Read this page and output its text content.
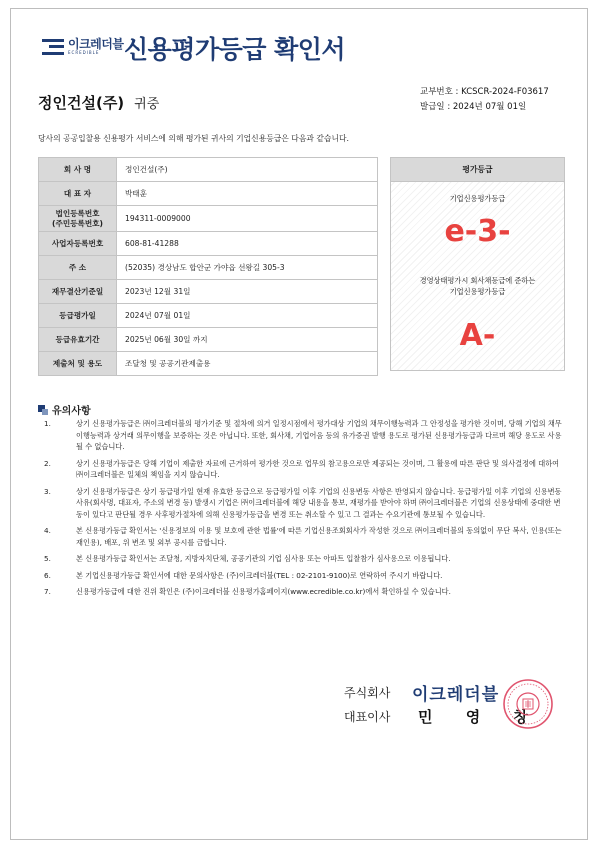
이크레더블
ECREDIBLE 신용평가등급 확인서
정인건설(주) 귀중
교부번호 : KCSCR-2024-F03617
발급일 : 2024년 07월 01일
당사의 공공입찰용 신용평가 서비스에 의해 평가된 귀사의 기업신용등급은 다음과 같습니다.
회 사 명	정인건설(주)
대 표 자	박태훈
법인등록번호
(주민등록번호)	194311-0009000
사업자등록번호	608-81-41288
주 소	(52035) 경상남도 합안군 가야읍 선왕길 305-3
재무결산기준일	2023년 12월 31일
등급평가일	2024년 07월 01일
등급유효기간	2025년 06월 30일 까지
제출처 및 용도	조달청 및 공공기관제출용
평가등급
기업신용평가등급
e-3-
경영상태평가시 회사채등급에 준하는
기업신용평가등급
A-
유의사항
1.	상기 신용평가등급은 ㈜이크레더블의 평가기준 및 절차에 의거 일정시점에서 평가대상 기업의 채무이행능력과 그 안정성을 평가한 것이며, 당해 기업의 채무이행능력과 상거래 의무이행을 보증하는 것은 아닙니다. 또한, 회사채, 기업어음 등의 유가증권 발행 용도로 평가된 신용평가등급과 다르며 해당 용도로 사용될 수 없습니다.
2.	상기 신용평가등급은 당해 기업이 제출한 자료에 근거하여 평가한 것으로 업무의 참고용으로만 제공되는 것이며, 그 활용에 따른 판단 및 의사결정에 대하여 ㈜이크레더블은 일체의 책임을 지지 않습니다.
3.	상기 신용평가등급은 상기 등급평가일 현재 유효한 등급으로 등급평가일 이후 기업의 신용변동 사항은 반영되지 않습니다. 등급평가일 이후 기업의 신용변동 사유(회사명, 대표자, 주소의 변경 등) 발생시 기업은 ㈜이크레더블에 해당 내용을 통보, 재평가를 받아야 하며 ㈜이크레더블은 기업의 신용상태에 중대한 변동이 있다고 판단될 경우 사후평가절차에 의해 신용평가등급을 변경 또는 취소할 수 있고 그 결과는 수요기관에 통보될 수 있습니다.
4.	본 신용평가등급 확인서는 '신용정보의 이용 및 보호에 관한 법률'에 따른 기업신용조회회사가 작성한 것으로 ㈜이크레더블의 동의없이 무단 복사, 인용(또는 재인용), 배포, 위 변조 및 외부 공시를 금합니다.
5.	본 신용평가등급 확인서는 조달청, 지방자치단체, 공공기관의 기업 심사용 또는 아파트 입찰참가 심사용으로 이용됩니다.
6.	본 기업신용평가등급 확인서에 대한 문의사항은 (주)이크레더블(TEL : 02-2101-9100)로 연락하여 주시기 바랍니다.
7.	신용평가등급에 대한 진위 확인은 (주)이크레더블 신용평가홈페이지(www.ecredible.co.kr)에서 확인하실 수 있습니다.
주식회사	이크레더블
대표이사	민 영 창
